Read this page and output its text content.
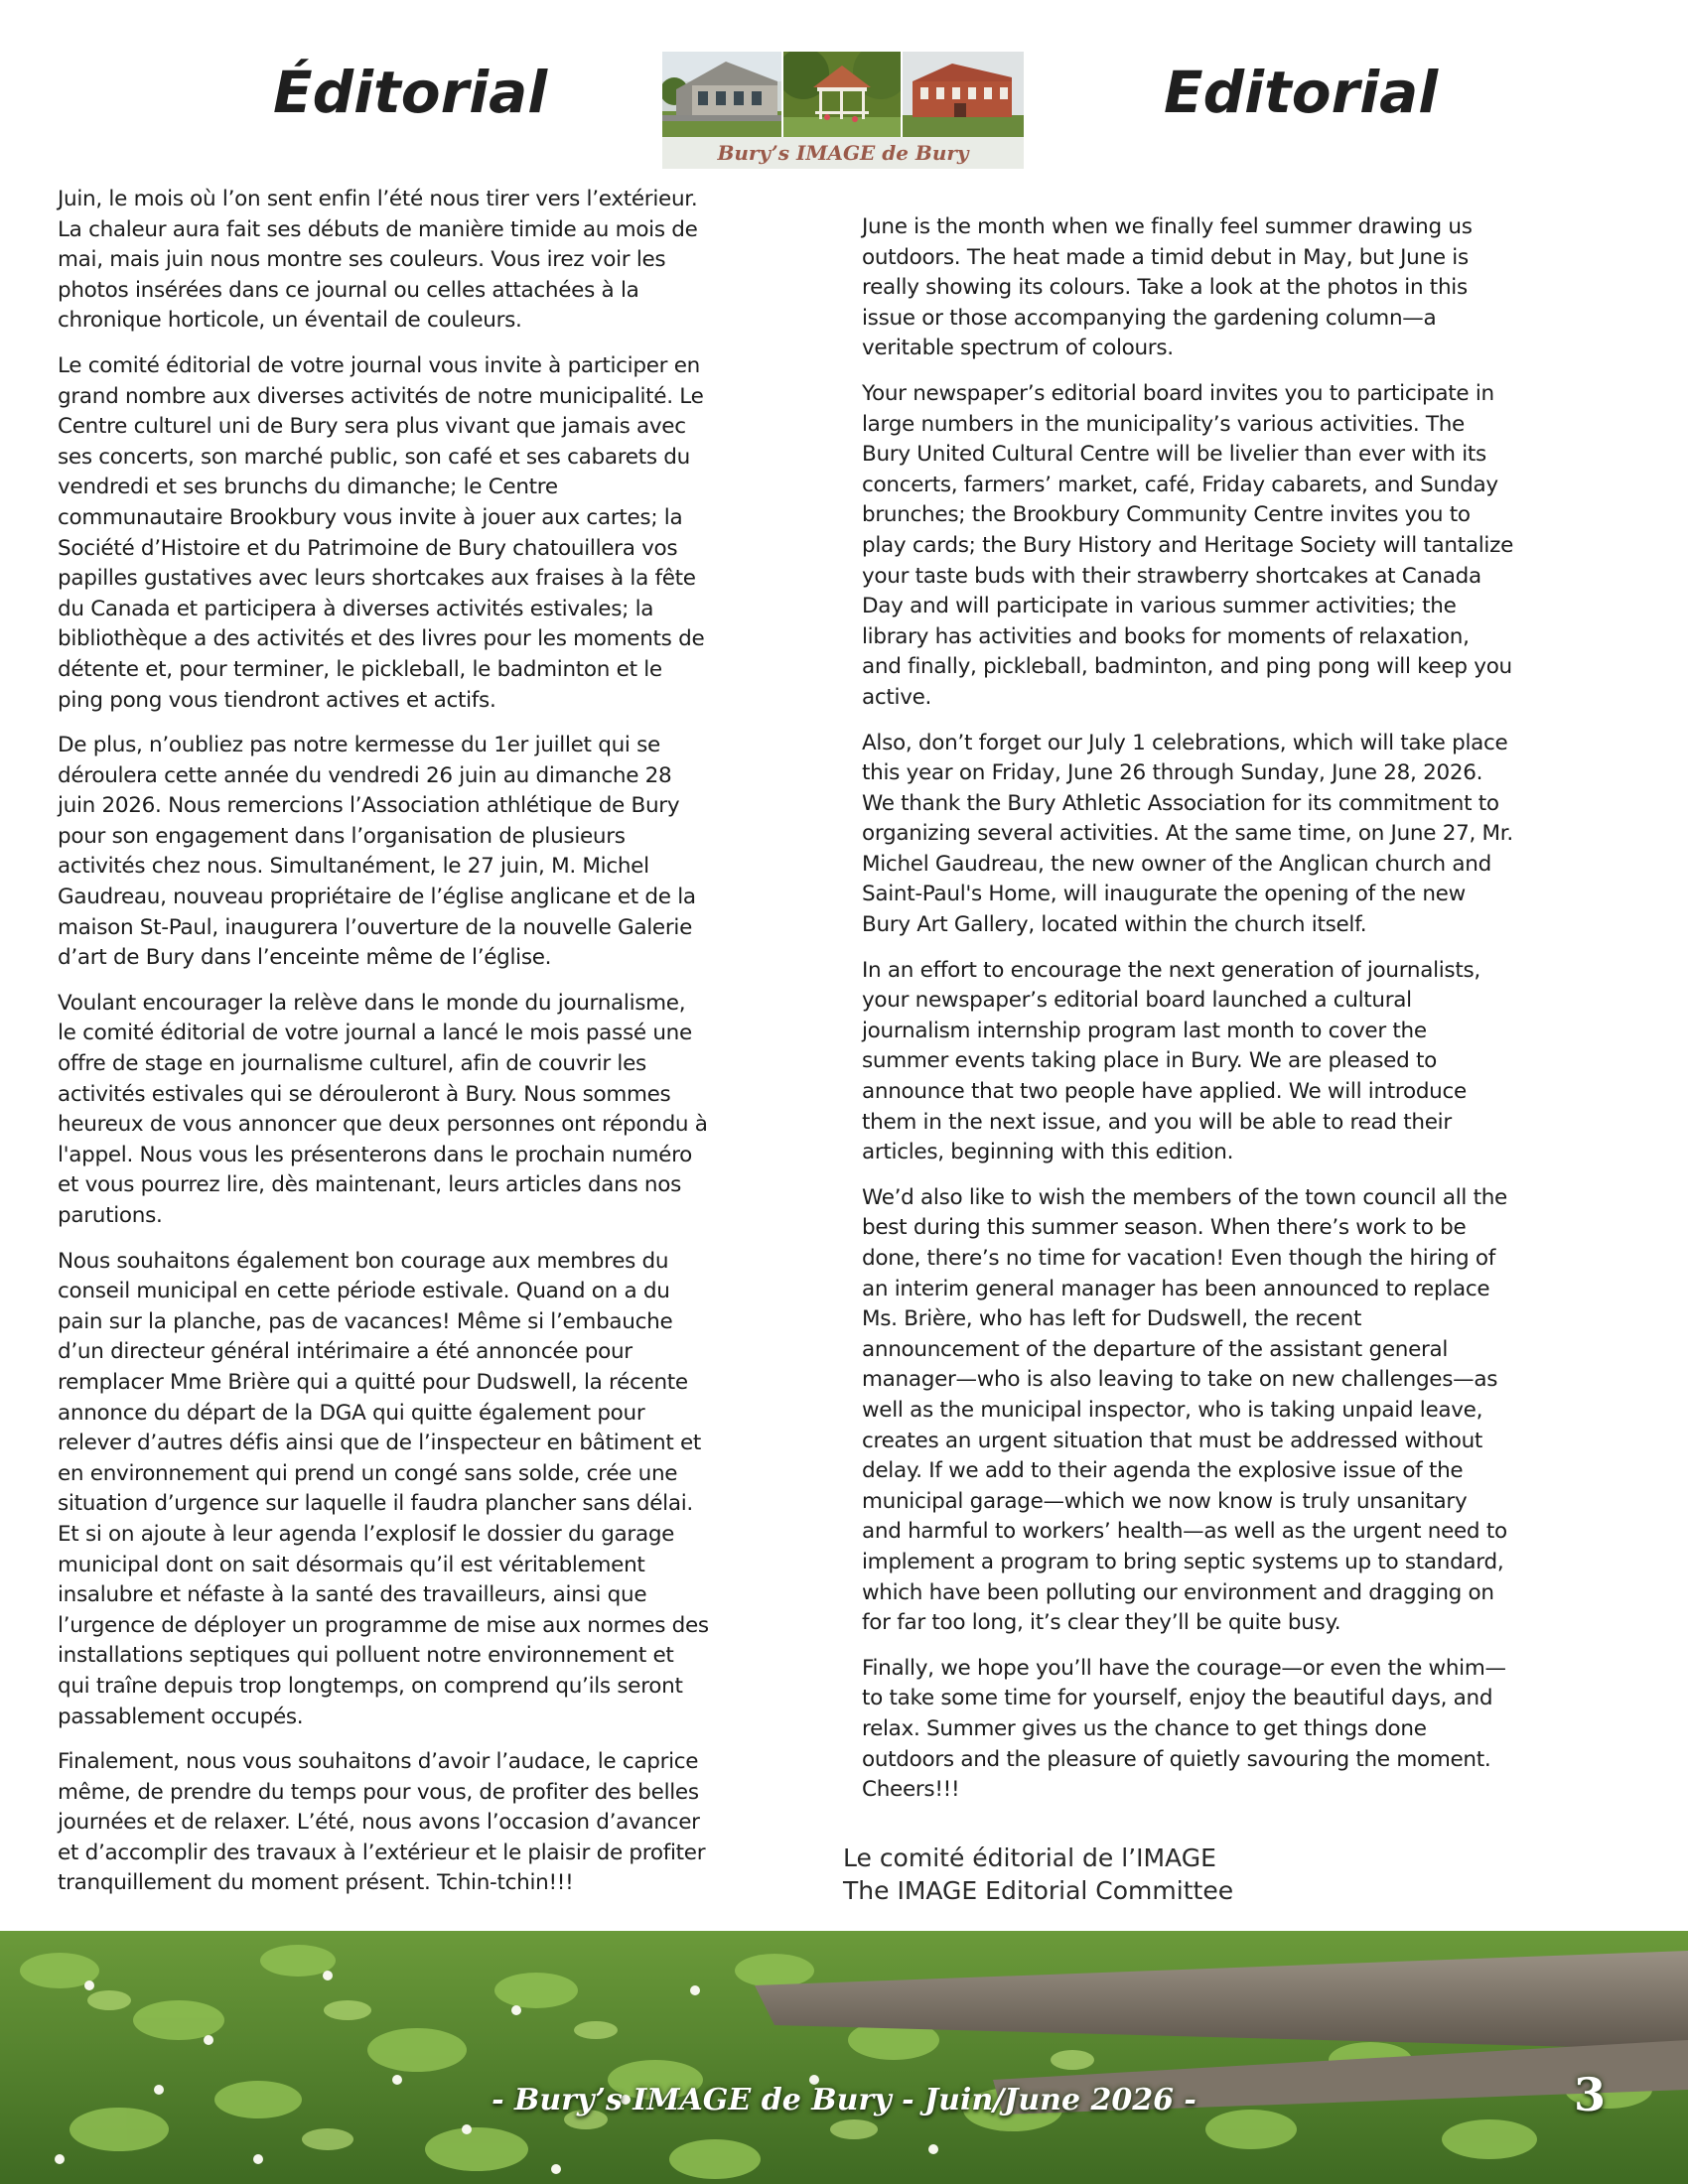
Éditorial	Editorial
Bury’s IMAGE de Bury

Juin, le mois où l’on sent enfin l’été nous tirer vers l’extérieur.
La chaleur aura fait ses débuts de manière timide au mois de
mai, mais juin nous montre ses couleurs. Vous irez voir les
photos insérées dans ce journal ou celles attachées à la
chronique horticole, un éventail de couleurs.

Le comité éditorial de votre journal vous invite à participer en
grand nombre aux diverses activités de notre municipalité. Le
Centre culturel uni de Bury sera plus vivant que jamais avec
ses concerts, son marché public, son café et ses cabarets du
vendredi et ses brunchs du dimanche; le Centre
communautaire Brookbury vous invite à jouer aux cartes; la
Société d’Histoire et du Patrimoine de Bury chatouillera vos
papilles gustatives avec leurs shortcakes aux fraises à la fête
du Canada et participera à diverses activités estivales; la
bibliothèque a des activités et des livres pour les moments de
détente et, pour terminer, le pickleball, le badminton et le
ping pong vous tiendront actives et actifs.

De plus, n’oubliez pas notre kermesse du 1er juillet qui se
déroulera cette année du vendredi 26 juin au dimanche 28
juin 2026. Nous remercions l’Association athlétique de Bury
pour son engagement dans l’organisation de plusieurs
activités chez nous. Simultanément, le 27 juin, M. Michel
Gaudreau, nouveau propriétaire de l’église anglicane et de la
maison St-Paul, inaugurera l’ouverture de la nouvelle Galerie
d’art de Bury dans l’enceinte même de l’église.

Voulant encourager la relève dans le monde du journalisme,
le comité éditorial de votre journal a lancé le mois passé une
offre de stage en journalisme culturel, afin de couvrir les
activités estivales qui se dérouleront à Bury. Nous sommes
heureux de vous annoncer que deux personnes ont répondu à
l'appel. Nous vous les présenterons dans le prochain numéro
et vous pourrez lire, dès maintenant, leurs articles dans nos
parutions.

Nous souhaitons également bon courage aux membres du
conseil municipal en cette période estivale. Quand on a du
pain sur la planche, pas de vacances! Même si l’embauche
d’un directeur général intérimaire a été annoncée pour
remplacer Mme Brière qui a quitté pour Dudswell, la récente
annonce du départ de la DGA qui quitte également pour
relever d’autres défis ainsi que de l’inspecteur en bâtiment et
en environnement qui prend un congé sans solde, crée une
situation d’urgence sur laquelle il faudra plancher sans délai.
Et si on ajoute à leur agenda l’explosif le dossier du garage
municipal dont on sait désormais qu’il est véritablement
insalubre et néfaste à la santé des travailleurs, ainsi que
l’urgence de déployer un programme de mise aux normes des
installations septiques qui polluent notre environnement et
qui traîne depuis trop longtemps, on comprend qu’ils seront
passablement occupés.

Finalement, nous vous souhaitons d’avoir l’audace, le caprice
même, de prendre du temps pour vous, de profiter des belles
journées et de relaxer. L’été, nous avons l’occasion d’avancer
et d’accomplir des travaux à l’extérieur et le plaisir de profiter
tranquillement du moment présent. Tchin-tchin!!!

June is the month when we finally feel summer drawing us
outdoors. The heat made a timid debut in May, but June is
really showing its colours. Take a look at the photos in this
issue or those accompanying the gardening column—a
veritable spectrum of colours.

Your newspaper’s editorial board invites you to participate in
large numbers in the municipality’s various activities. The
Bury United Cultural Centre will be livelier than ever with its
concerts, farmers’ market, café, Friday cabarets, and Sunday
brunches; the Brookbury Community Centre invites you to
play cards; the Bury History and Heritage Society will tantalize
your taste buds with their strawberry shortcakes at Canada
Day and will participate in various summer activities; the
library has activities and books for moments of relaxation,
and finally, pickleball, badminton, and ping pong will keep you
active.

Also, don’t forget our July 1 celebrations, which will take place
this year on Friday, June 26 through Sunday, June 28, 2026.
We thank the Bury Athletic Association for its commitment to
organizing several activities. At the same time, on June 27, Mr.
Michel Gaudreau, the new owner of the Anglican church and
Saint-Paul's Home, will inaugurate the opening of the new
Bury Art Gallery, located within the church itself.

In an effort to encourage the next generation of journalists,
your newspaper’s editorial board launched a cultural
journalism internship program last month to cover the
summer events taking place in Bury. We are pleased to
announce that two people have applied. We will introduce
them in the next issue, and you will be able to read their
articles, beginning with this edition.

We’d also like to wish the members of the town council all the
best during this summer season. When there’s work to be
done, there’s no time for vacation! Even though the hiring of
an interim general manager has been announced to replace
Ms. Brière, who has left for Dudswell, the recent
announcement of the departure of the assistant general
manager—who is also leaving to take on new challenges—as
well as the municipal inspector, who is taking unpaid leave,
creates an urgent situation that must be addressed without
delay. If we add to their agenda the explosive issue of the
municipal garage—which we now know is truly unsanitary
and harmful to workers’ health—as well as the urgent need to
implement a program to bring septic systems up to standard,
which have been polluting our environment and dragging on
for far too long, it’s clear they’ll be quite busy.

Finally, we hope you’ll have the courage—or even the whim—
to take some time for yourself, enjoy the beautiful days, and
relax. Summer gives us the chance to get things done
outdoors and the pleasure of quietly savouring the moment.
Cheers!!!

Le comité éditorial de l’IMAGE
The IMAGE Editorial Committee
- Bury’s IMAGE de Bury - Juin/June 2026 -	3
